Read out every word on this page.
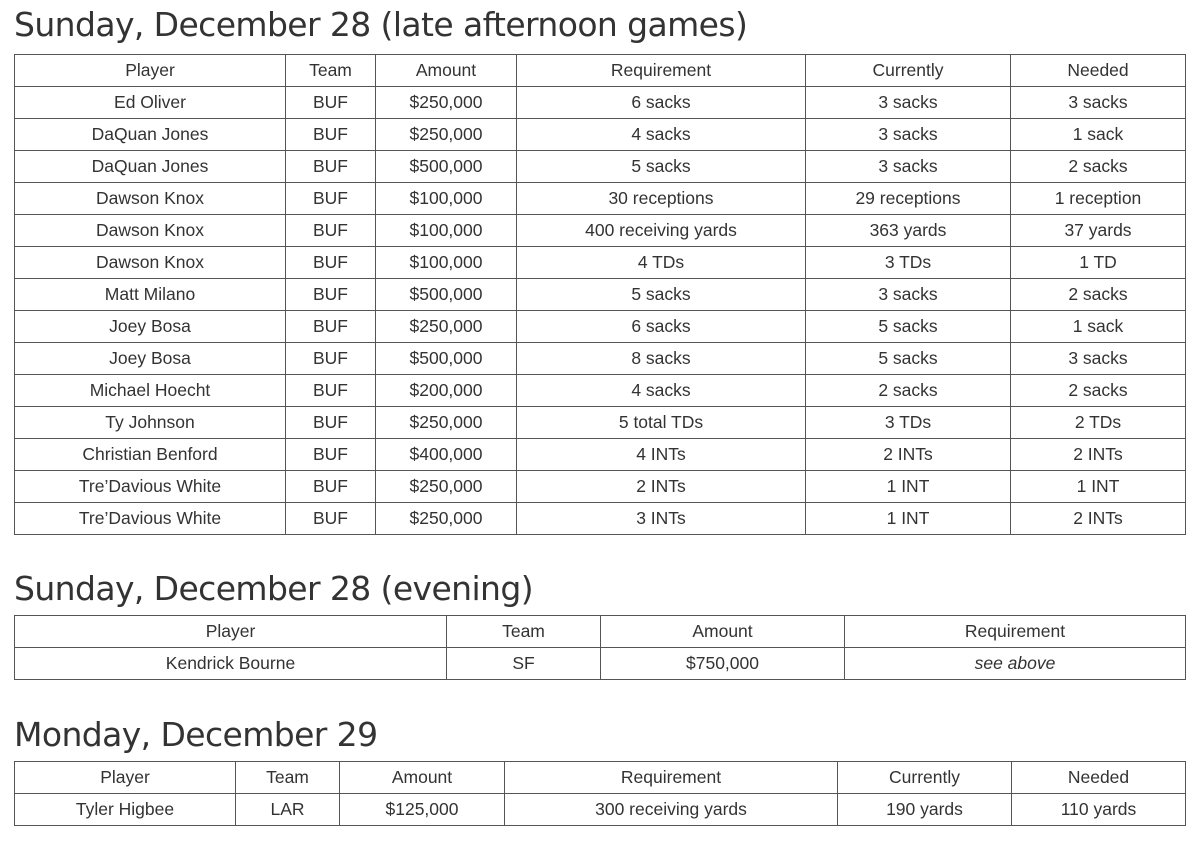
Sunday, December 28 (late afternoon games)
Player	Team	Amount	Requirement	Currently	Needed
Ed Oliver	BUF	$250,000	6 sacks	3 sacks	3 sacks
DaQuan Jones	BUF	$250,000	4 sacks	3 sacks	1 sack
DaQuan Jones	BUF	$500,000	5 sacks	3 sacks	2 sacks
Dawson Knox	BUF	$100,000	30 receptions	29 receptions	1 reception
Dawson Knox	BUF	$100,000	400 receiving yards	363 yards	37 yards
Dawson Knox	BUF	$100,000	4 TDs	3 TDs	1 TD
Matt Milano	BUF	$500,000	5 sacks	3 sacks	2 sacks
Joey Bosa	BUF	$250,000	6 sacks	5 sacks	1 sack
Joey Bosa	BUF	$500,000	8 sacks	5 sacks	3 sacks
Michael Hoecht	BUF	$200,000	4 sacks	2 sacks	2 sacks
Ty Johnson	BUF	$250,000	5 total TDs	3 TDs	2 TDs
Christian Benford	BUF	$400,000	4 INTs	2 INTs	2 INTs
Tre’Davious White	BUF	$250,000	2 INTs	1 INT	1 INT
Tre’Davious White	BUF	$250,000	3 INTs	1 INT	2 INTs
Sunday, December 28 (evening)
Player	Team	Amount	Requirement
Kendrick Bourne	SF	$750,000	see above
Monday, December 29
Player	Team	Amount	Requirement	Currently	Needed
Tyler Higbee	LAR	$125,000	300 receiving yards	190 yards	110 yards
